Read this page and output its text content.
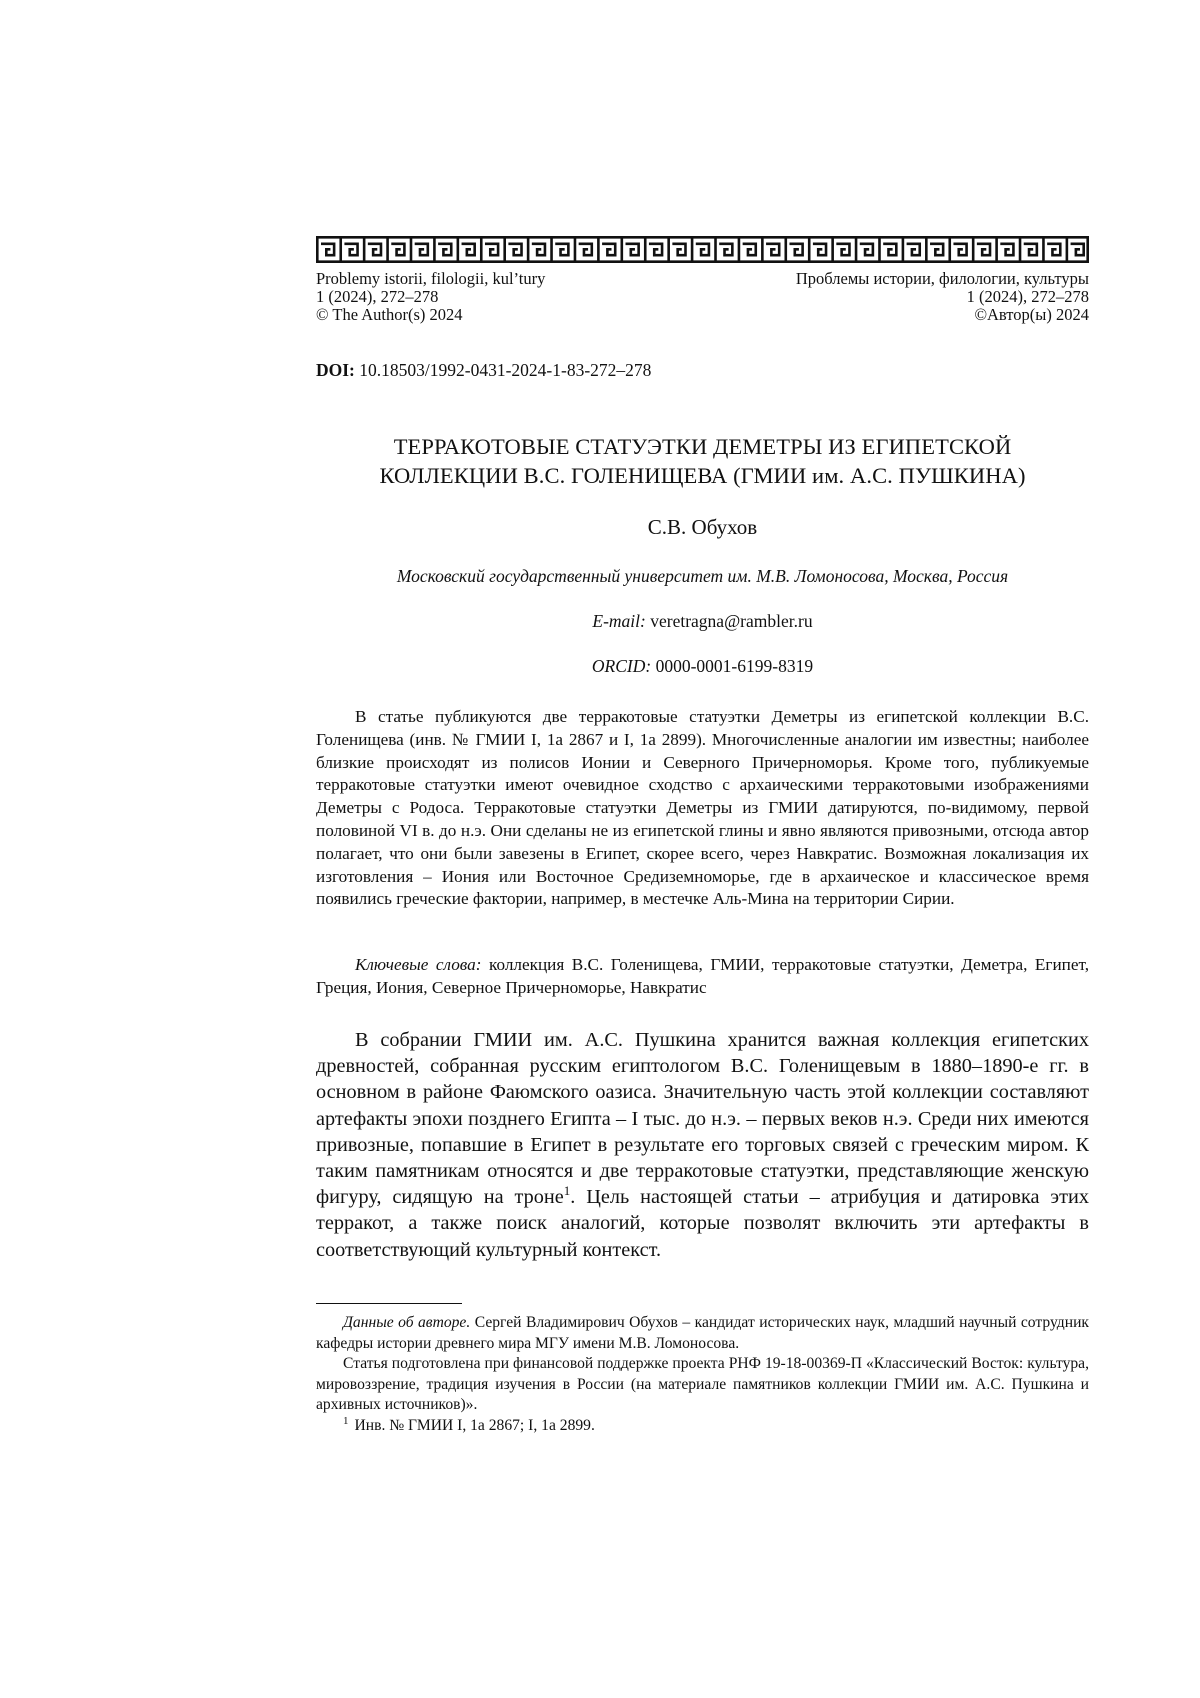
Problemy istorii, filologii, kul’tury
1 (2024), 272–278
© The Author(s) 2024
Проблемы истории, филологии, культуры
1 (2024), 272–278
©Автор(ы) 2024
DOI: 10.18503/1992-0431-2024-1-83-272–278
ТЕРРАКОТОВЫЕ СТАТУЭТКИ ДЕМЕТРЫ ИЗ ЕГИПЕТСКОЙ
КОЛЛЕКЦИИ В.С. ГОЛЕНИЩЕВА (ГМИИ им. А.С. ПУШКИНА)
С.В. Обухов
Московский государственный университет им. М.В. Ломоносова, Москва, Россия
E-mail: veretragna@rambler.ru
ORCID: 0000-0001-6199-8319

В статье публикуются две терракотовые статуэтки Деметры из египетской коллекции В.С. Голенищева (инв. № ГМИИ I, 1а 2867 и I, 1а 2899). Многочисленные аналогии им известны; наиболее близкие происходят из полисов Ионии и Северного Причерноморья. Кроме того, публикуемые терракотовые статуэтки имеют очевидное сходство с архаическими терракотовыми изображениями Деметры с Родоса. Терракотовые статуэтки Деметры из ГМИИ датируются, по-видимому, первой половиной VI в. до н.э. Они сделаны не из египетской глины и явно являются привозными, отсюда автор полагает, что они были завезены в Египет, скорее всего, через Навкратис. Возможная локализация их изготовления – Иония или Восточное Средиземноморье, где в архаическое и классическое время появились греческие фактории, например, в местечке Аль-Мина на территории Сирии.

Ключевые слова: коллекция В.С. Голенищева, ГМИИ, терракотовые статуэтки, Деметра, Египет, Греция, Иония, Северное Причерноморье, Навкратис

В собрании ГМИИ им. А.С. Пушкина хранится важная коллекция египетских древностей, собранная русским египтологом В.С. Голенищевым в 1880–1890-е гг. в основном в районе Фаюмского оазиса. Значительную часть этой коллекции составляют артефакты эпохи позднего Египта – I тыс. до н.э. – первых веков н.э. Среди них имеются привозные, попавшие в Египет в результате его торговых связей с греческим миром. К таким памятникам относятся и две терракотовые статуэтки, представляющие женскую фигуру, сидящую на троне1. Цель настоящей статьи – атрибуция и датировка этих терракот, а также поиск аналогий, которые позволят включить эти артефакты в соответствующий культурный контекст.

Данные об авторе. Сергей Владимирович Обухов – кандидат исторических наук, младший научный сотрудник кафедры истории древнего мира МГУ имени М.В. Ломоносова.

Статья подготовлена при финансовой поддержке проекта РНФ 19-18-00369-П «Классический Восток: культура, мировоззрение, традиция изучения в России (на материале памятников коллекции ГМИИ им. А.С. Пушкина и архивных источников)».

1 Инв. № ГМИИ I, 1а 2867; I, 1а 2899.
